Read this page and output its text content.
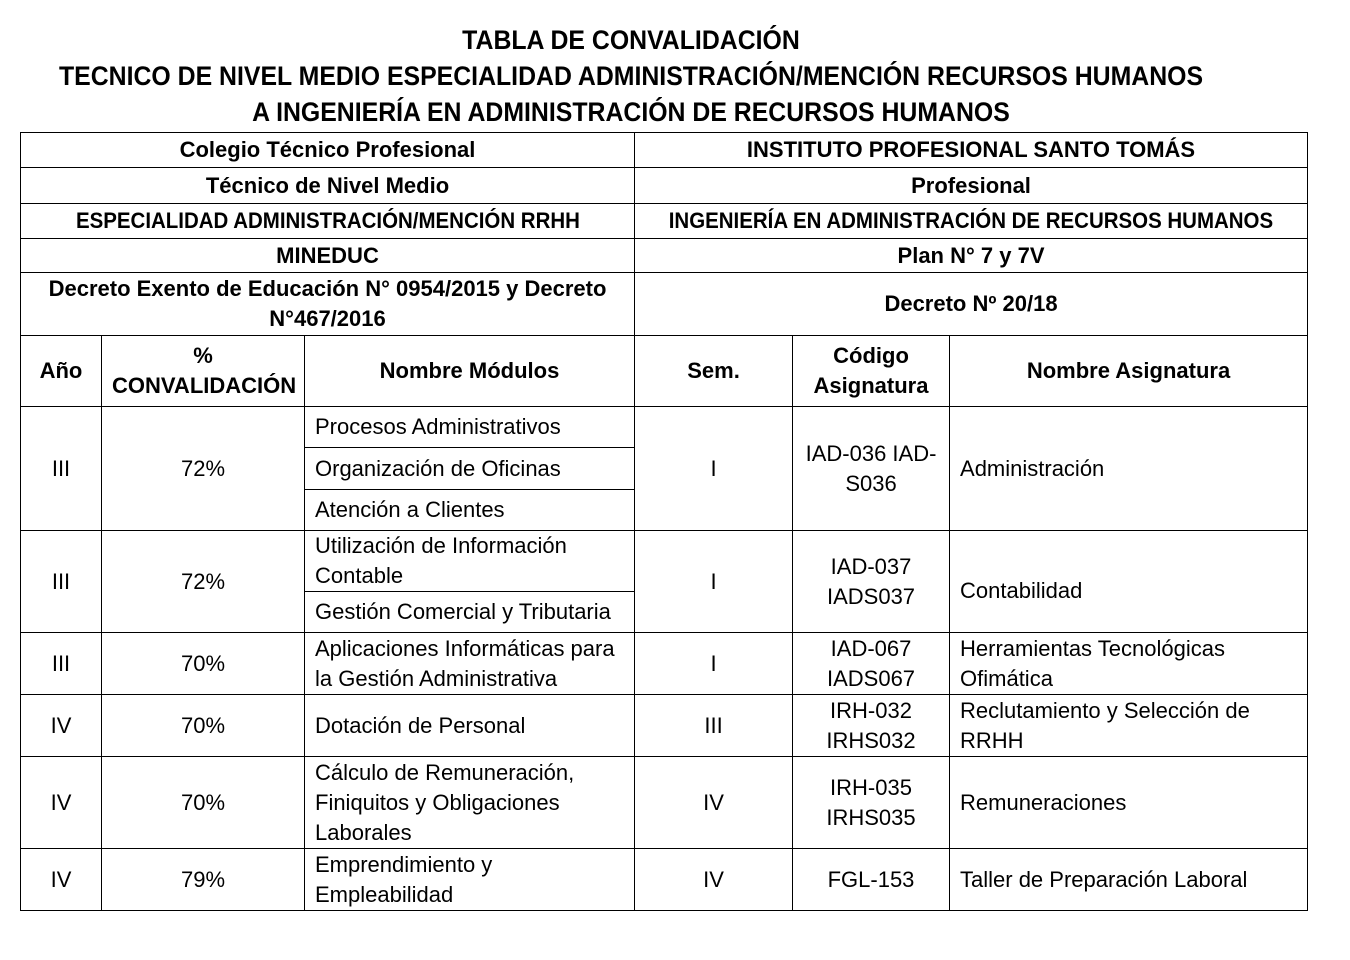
TABLA DE CONVALIDACIÓN
TECNICO DE NIVEL MEDIO ESPECIALIDAD ADMINISTRACIÓN/MENCIÓN RECURSOS HUMANOS
A INGENIERÍA EN ADMINISTRACIÓN DE RECURSOS HUMANOS
Colegio Técnico Profesional			INSTITUTO PROFESIONAL SANTO TOMÁS		
Técnico de Nivel Medio			Profesional		
ESPECIALIDAD ADMINISTRACIÓN/MENCIÓN RRHH			INGENIERÍA EN ADMINISTRACIÓN DE RECURSOS HUMANOS		
MINEDUC			Plan N° 7 y 7V		
Decreto Exento de Educación N° 0954/2015 y Decreto N°467/2016			Decreto Nº 20/18		
Año	% CONVALIDACIÓN	Nombre Módulos	Sem.	Código Asignatura	Nombre Asignatura
III	72%	Procesos Administrativos	I	IAD-036 IAD-S036	Administración
		Organización de Oficinas			
		Atención a Clientes			
III	72%	Utilización de Información Contable	I	IAD-037 IADS037	Contabilidad
		Gestión Comercial y Tributaria			
III	70%	Aplicaciones Informáticas para la Gestión Administrativa	I	IAD-067 IADS067	Herramientas Tecnológicas Ofimática
IV	70%	Dotación de Personal	III	IRH-032 IRHS032	Reclutamiento y Selección de RRHH
IV	70%	Cálculo de Remuneración, Finiquitos y Obligaciones Laborales	IV	IRH-035 IRHS035	Remuneraciones
IV	79%	Emprendimiento y Empleabilidad	IV	FGL-153	Taller de Preparación Laboral
